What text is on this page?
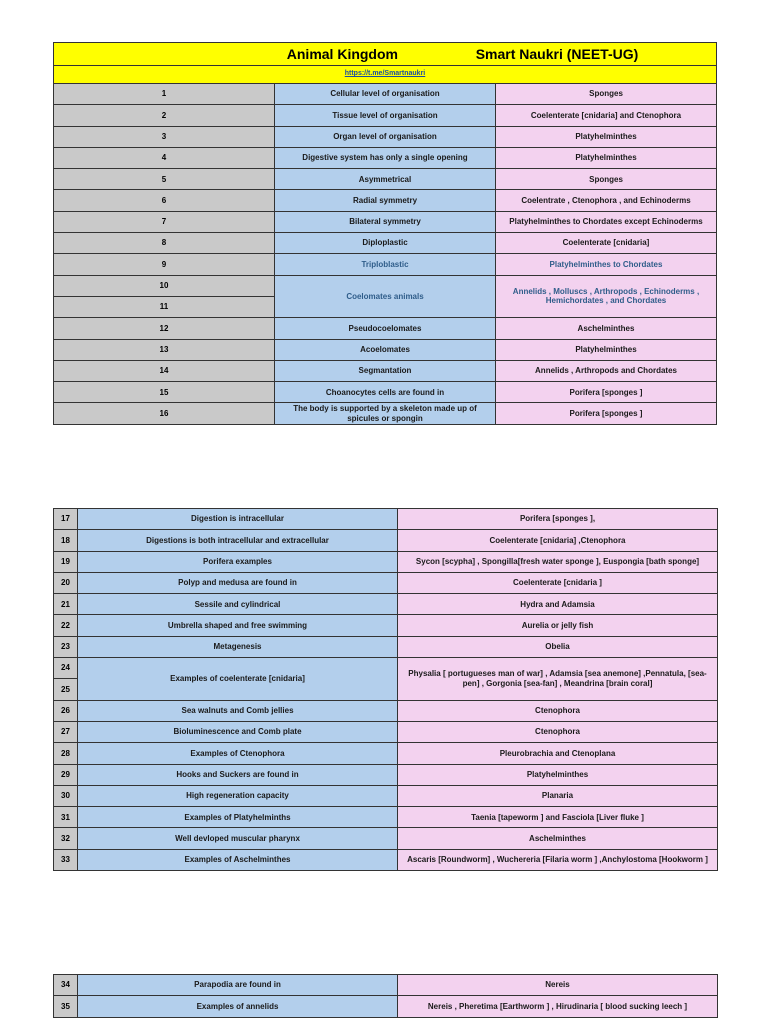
Animal Kingdom Smart Naukri (NEET-UG)		

https://t.me/Smartnaukri		
1	Cellular level of organisation	Sponges
2	Tissue level of organisation	Coelenterate [cnidaria] and Ctenophora
3	Organ level of organisation	Platyhelminthes
4	Digestive system has only a single opening	Platyhelminthes
5	Asymmetrical	Sponges
6	Radial symmetry	Coelentrate , Ctenophora , and Echinoderms
7	Bilateral symmetry	Platyhelminthes to Chordates except Echinoderms
8	Diploplastic	Coelenterate [cnidaria]
9	Triploblastic	Platyhelminthes to Chordates
10	Coelomates animals	Annelids , Molluscs , Arthropods , Echinoderms , Hemichordates , and Chordates
11		
12	Pseudocoelomates	Aschelminthes
13	Acoelomates	Platyhelminthes
14	Segmantation	Annelids , Arthropods and Chordates
15	Choanocytes cells are found in	Porifera [sponges ]
16	The body is supported by a skeleton made up of spicules or spongin	Porifera [sponges ]
17	Digestion is intracellular	Porifera [sponges ],
18	Digestions is both intracellular and extracellular	Coelenterate [cnidaria] ,Ctenophora
19	Porifera examples	Sycon [scypha] , Spongilla[fresh water sponge ], Euspongia [bath sponge]
20	Polyp and medusa are found in	Coelenterate [cnidaria ]
21	Sessile and cylindrical	Hydra and Adamsia
22	Umbrella shaped and free swimming	Aurelia or jelly fish
23	Metagenesis	Obelia
24	Examples of coelenterate [cnidaria]	Physalia [ portugueses man of war] , Adamsia [sea anemone] ,Pennatula, [sea-pen] , Gorgonia [sea-fan] , Meandrina [brain coral]
25		
26	Sea walnuts and Comb jellies	Ctenophora
27	Bioluminescence and Comb plate	Ctenophora
28	Examples of Ctenophora	Pleurobrachia and Ctenoplana
29	Hooks and Suckers are found in	Platyhelminthes
30	High regeneration capacity	Planaria
31	Examples of Platyhelminths	Taenia [tapeworm ] and Fasciola [Liver fluke ]
32	Well devloped muscular pharynx	Aschelminthes
33	Examples of Aschelminthes	Ascaris [Roundworm] , Wuchereria [Filaria worm ] ,Anchylostoma [Hookworm ]
34	Parapodia are found in	Nereis
35	Examples of annelids	Nereis , Pheretima [Earthworm ] , Hirudinaria [ blood sucking leech ]
